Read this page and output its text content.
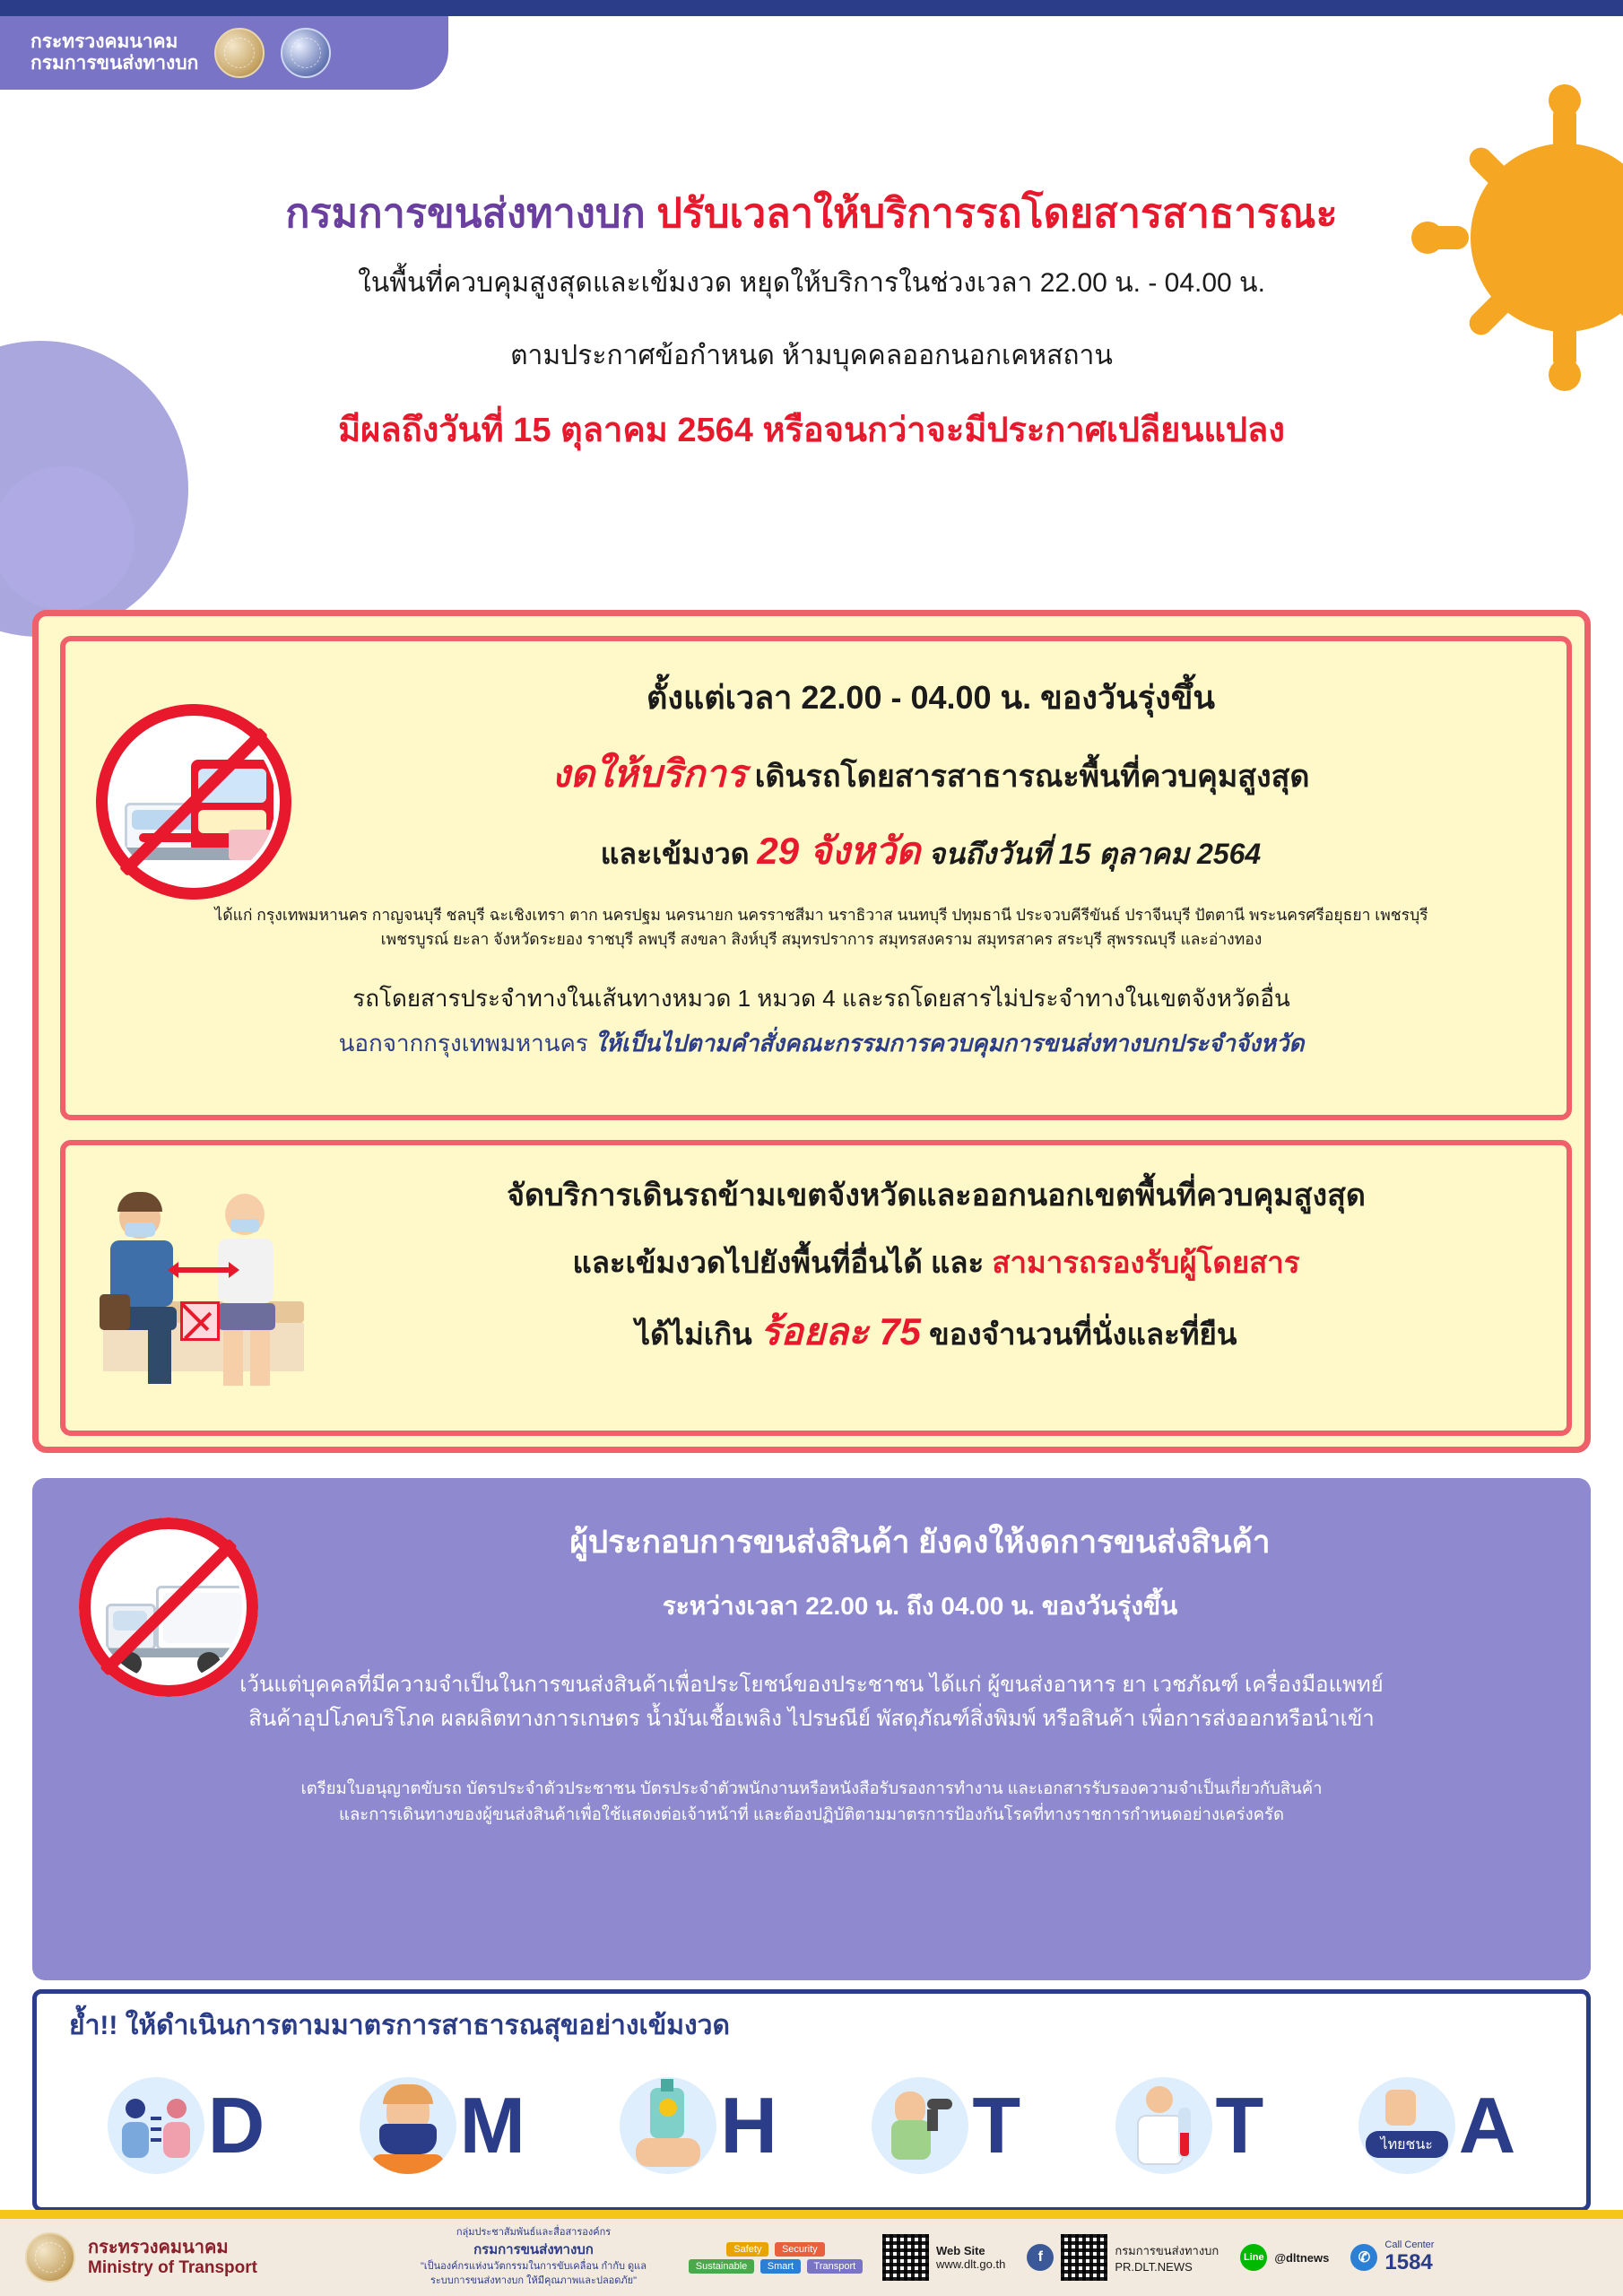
กระทรวงคมนาคม
กรมการขนส่งทางบก
กรมการขนส่งทางบก ปรับเวลาให้บริการรถโดยสารสาธารณะ
ในพื้นที่ควบคุมสูงสุดและเข้มงวด หยุดให้บริการในช่วงเวลา 22.00 น. - 04.00 น.
ตามประกาศข้อกำหนด ห้ามบุคคลออกนอกเคหสถาน
มีผลถึงวันที่ 15 ตุลาคม 2564 หรือจนกว่าจะมีประกาศเปลียนแปลง
ตั้งแต่เวลา 22.00 - 04.00 น. ของวันรุ่งขึ้น
งดให้บริการ เดินรถโดยสารสาธารณะพื้นที่ควบคุมสูงสุด
และเข้มงวด 29 จังหวัด จนถึงวันที่ 15 ตุลาคม 2564
ได้แก่ กรุงเทพมหานคร กาญจนบุรี ชลบุรี ฉะเชิงเทรา ตาก นครปฐม นครนายก นครราชสีมา นราธิวาส นนทบุรี ปทุมธานี ประจวบคีรีขันธ์ ปราจีนบุรี ปัตตานี พระนครศรีอยุธยา เพชรบุรี
เพชรบูรณ์ ยะลา จังหวัดระยอง ราชบุรี ลพบุรี สงขลา สิงห์บุรี สมุทรปราการ สมุทรสงคราม สมุทรสาคร สระบุรี สุพรรณบุรี และอ่างทอง
รถโดยสารประจำทางในเส้นทางหมวด 1 หมวด 4 และรถโดยสารไม่ประจำทางในเขตจังหวัดอื่น
นอกจากกรุงเทพมหานคร ให้เป็นไปตามคำสั่งคณะกรรมการควบคุมการขนส่งทางบกประจำจังหวัด
จัดบริการเดินรถข้ามเขตจังหวัดและออกนอกเขตพื้นที่ควบคุมสูงสุด
และเข้มงวดไปยังพื้นที่อื่นได้ และ สามารถรองรับผู้โดยสาร
ได้ไม่เกิน ร้อยละ 75 ของจำนวนที่นั่งและที่ยืน
ผู้ประกอบการขนส่งสินค้า ยังคงให้งดการขนส่งสินค้า
ระหว่างเวลา 22.00 น. ถึง 04.00 น. ของวันรุ่งขึ้น
เว้นแต่บุคคลที่มีความจำเป็นในการขนส่งสินค้าเพื่อประโยชน์ของประชาชน ได้แก่ ผู้ขนส่งอาหาร ยา เวชภัณฑ์ เครื่องมือแพทย์
สินค้าอุปโภคบริโภค ผลผลิตทางการเกษตร น้ำมันเชื้อเพลิง ไปรษณีย์ พัสดุภัณฑ์สิ่งพิมพ์ หรือสินค้า เพื่อการส่งออกหรือนำเข้า
เตรียมใบอนุญาตขับรถ บัตรประจำตัวประชาชน บัตรประจำตัวพนักงานหรือหนังสือรับรองการทำงาน และเอกสารรับรองความจำเป็นเกี่ยวกับสินค้า
และการเดินทางของผู้ขนส่งสินค้าเพื่อใช้แสดงต่อเจ้าหน้าที่ และต้องปฏิบัติตามมาตรการป้องกันโรคที่ทางราชการกำหนดอย่างเคร่งครัด
ย้ำ!! ให้ดำเนินการตามมาตรการสาธารณสุขอย่างเข้มงวด
D M H T T	ไทยชนะ A
กระทรวงคมนาคม
Ministry of Transport
กลุ่มประชาสัมพันธ์และสื่อสารองค์กร
กรมการขนส่งทางบก
"เป็นองค์กรแห่งนวัตกรรมในการขับเคลื่อน กำกับ ดูแล
ระบบการขนส่งทางบก ให้มีคุณภาพและปลอดภัย"
Safety Security
Sustainable Smart Transport
Web Site
www.dlt.go.th	f	กรมการขนส่งทางบก
PR.DLT.NEWS
Line @dltnews	✆
Call Center
1584
